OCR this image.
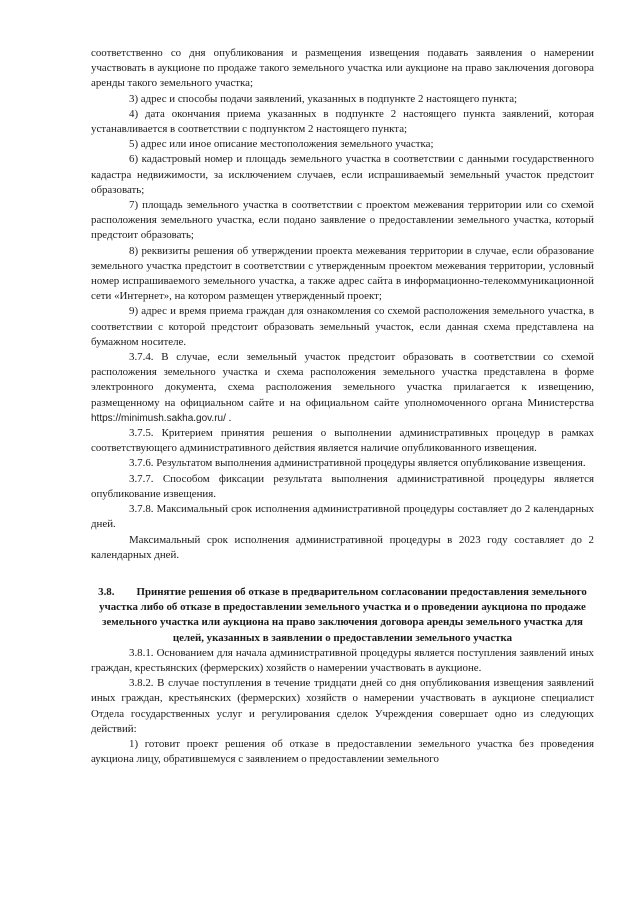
соответственно со дня опубликования и размещения извещения подавать заявления о намерении участвовать в аукционе по продаже такого земельного участка или аукционе на право заключения договора аренды такого земельного участка;

3) адрес и способы подачи заявлений, указанных в подпункте 2 настоящего пункта;

4) дата окончания приема указанных в подпункте 2 настоящего пункта заявлений, которая устанавливается в соответствии с подпунктом 2 настоящего пункта;

5) адрес или иное описание местоположения земельного участка;

6) кадастровый номер и площадь земельного участка в соответствии с данными государственного кадастра недвижимости, за исключением случаев, если испрашиваемый земельный участок предстоит образовать;

7) площадь земельного участка в соответствии с проектом межевания территории или со схемой расположения земельного участка, если подано заявление о предоставлении земельного участка, который предстоит образовать;

8) реквизиты решения об утверждении проекта межевания территории в случае, если образование земельного участка предстоит в соответствии с утвержденным проектом межевания территории, условный номер испрашиваемого земельного участка, а также адрес сайта в информационно-телекоммуникационной сети «Интернет», на котором размещен утвержденный проект;

9) адрес и время приема граждан для ознакомления со схемой расположения земельного участка, в соответствии с которой предстоит образовать земельный участок, если данная схема представлена на бумажном носителе.

3.7.4. В случае, если земельный участок предстоит образовать в соответствии со схемой расположения земельного участка и схема расположения земельного участка представлена в форме электронного документа, схема расположения земельного участка прилагается к извещению, размещенному на официальном сайте и на официальном сайте уполномоченного органа Министерства https://minimush.sakha.gov.ru/ .

3.7.5. Критерием принятия решения о выполнении административных процедур в рамках соответствующего административного действия является наличие опубликованного извещения.

3.7.6. Результатом выполнения административной процедуры является опубликование извещения.

3.7.7. Способом фиксации результата выполнения административной процедуры является опубликование извещения.

3.7.8. Максимальный срок исполнения административной процедуры составляет до 2 календарных дней.

Максимальный срок исполнения административной процедуры в 2023 году составляет до 2 календарных дней.

3.8. Принятие решения об отказе в предварительном согласовании предоставления земельного участка либо об отказе в предоставлении земельного участка и о проведении аукциона по продаже земельного участка или аукциона на право заключения договора аренды земельного участка для целей, указанных в заявлении о предоставлении земельного участка

3.8.1. Основанием для начала административной процедуры является поступления заявлений иных граждан, крестьянских (фермерских) хозяйств о намерении участвовать в аукционе.

3.8.2. В случае поступления в течение тридцати дней со дня опубликования извещения заявлений иных граждан, крестьянских (фермерских) хозяйств о намерении участвовать в аукционе специалист Отдела государственных услуг и регулирования сделок Учреждения совершает одно из следующих действий:

1) готовит проект решения об отказе в предоставлении земельного участка без проведения аукциона лицу, обратившемуся с заявлением о предоставлении земельного
